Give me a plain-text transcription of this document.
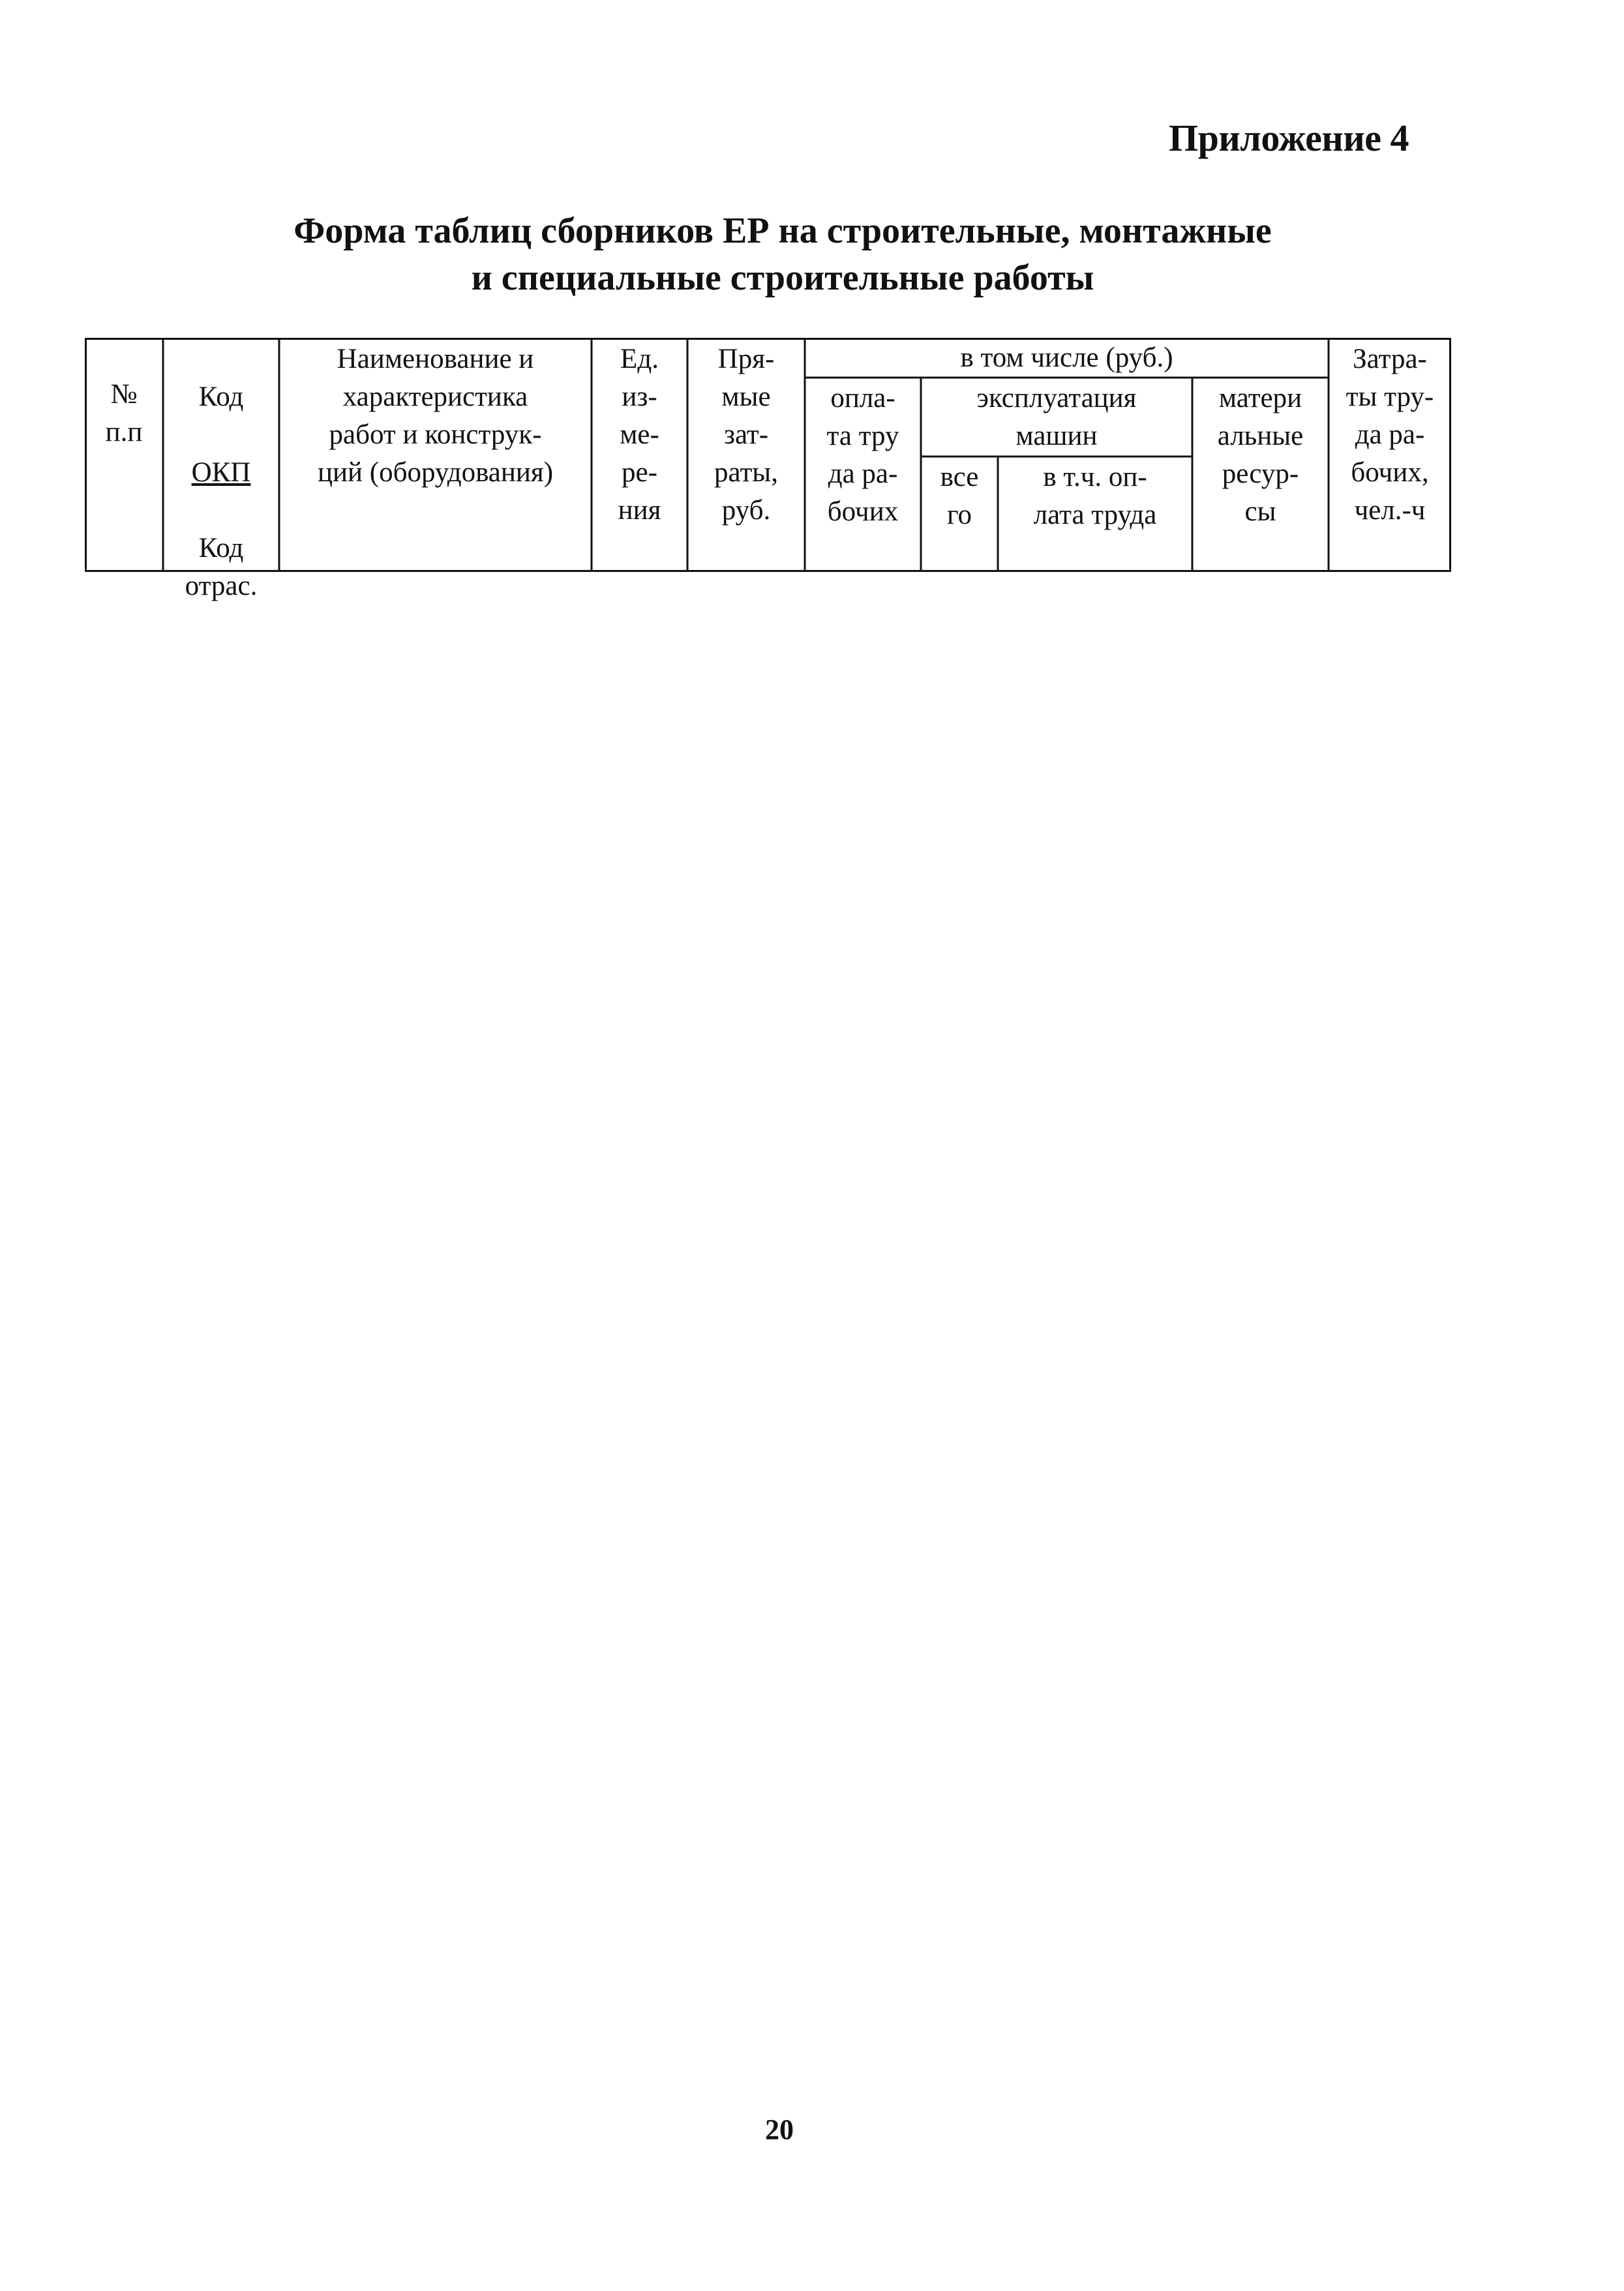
Приложение 4
Форма таблиц сборников ЕР на строительные, монтажные
и специальные строительные работы
№
п.п

Код

ОКП

Код
отрас.

Наименование и
характеристика
работ и конструк-
ций (оборудования)
Ед.
из-
ме-
ре-
ния
Пря-
мые
зат-
раты,
руб.
в том числе (руб.)
опла-
та тру
да ра-
бочих
эксплуатация
машин
все
го
в т.ч. оп-
лата труда
матери
альные
ресур-
сы
Затра-
ты тру-
да ра-
бочих,
чел.-ч
20
